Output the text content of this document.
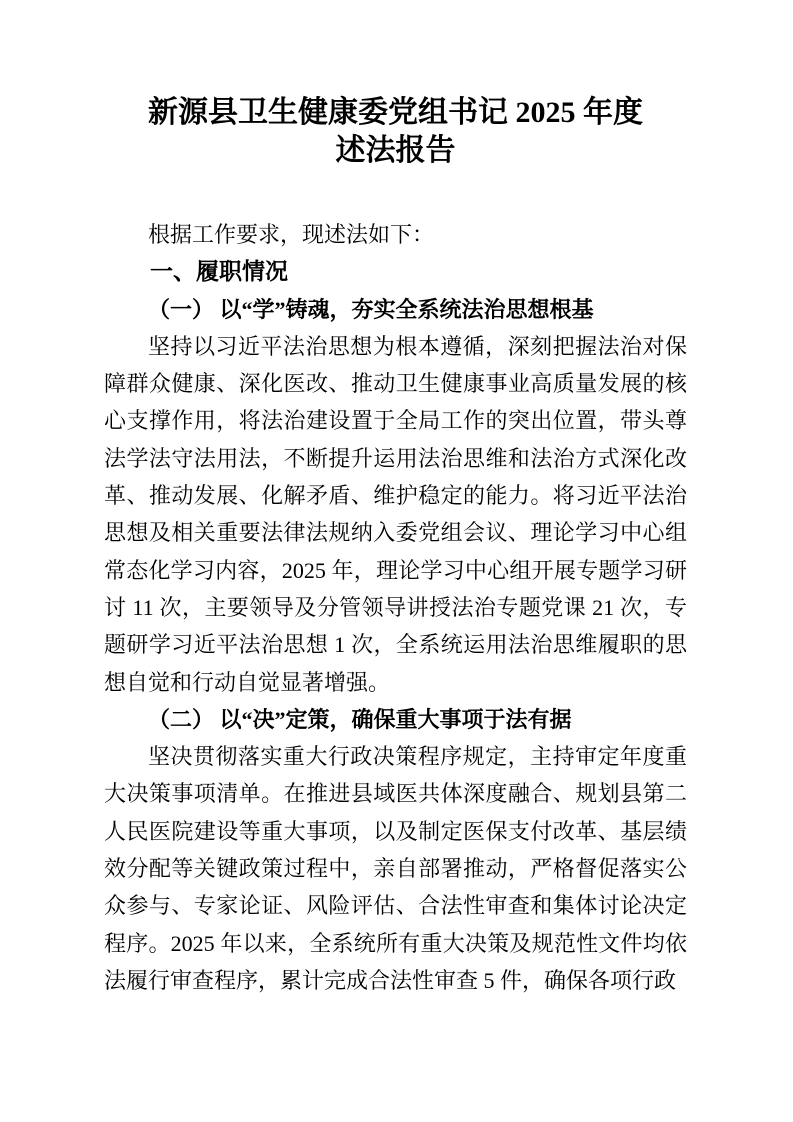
新源县卫生健康委党组书记 2025 年度
述法报告

根据工作要求，现述法如下：

一、履职情况
（一） 以“学”铸魂，夯实全系统法治思想根基

坚持以习近平法治思想为根本遵循，深刻把握法治对保障群众健康、深化医改、推动卫生健康事业高质量发展的核心支撑作用，将法治建设置于全局工作的突出位置，带头尊法学法守法用法，不断提升运用法治思维和法治方式深化改革、推动发展、化解矛盾、维护稳定的能力。将习近平法治思想及相关重要法律法规纳入委党组会议、理论学习中心组常态化学习内容，2025 年，理论学习中心组开展专题学习研讨 11 次，主要领导及分管领导讲授法治专题党课 21 次，专题研学习近平法治思想 1 次，全系统运用法治思维履职的思想自觉和行动自觉显著增强。

（二） 以“决”定策，确保重大事项于法有据

坚决贯彻落实重大行政决策程序规定，主持审定年度重大决策事项清单。在推进县域医共体深度融合、规划县第二人民医院建设等重大事项，以及制定医保支付改革、基层绩效分配等关键政策过程中，亲自部署推动，严格督促落实公众参与、专家论证、风险评估、合法性审查和集体讨论决定程序。2025 年以来，全系统所有重大决策及规范性文件均依法履行审查程序，累计完成合法性审查 5 件，确保各项行政
